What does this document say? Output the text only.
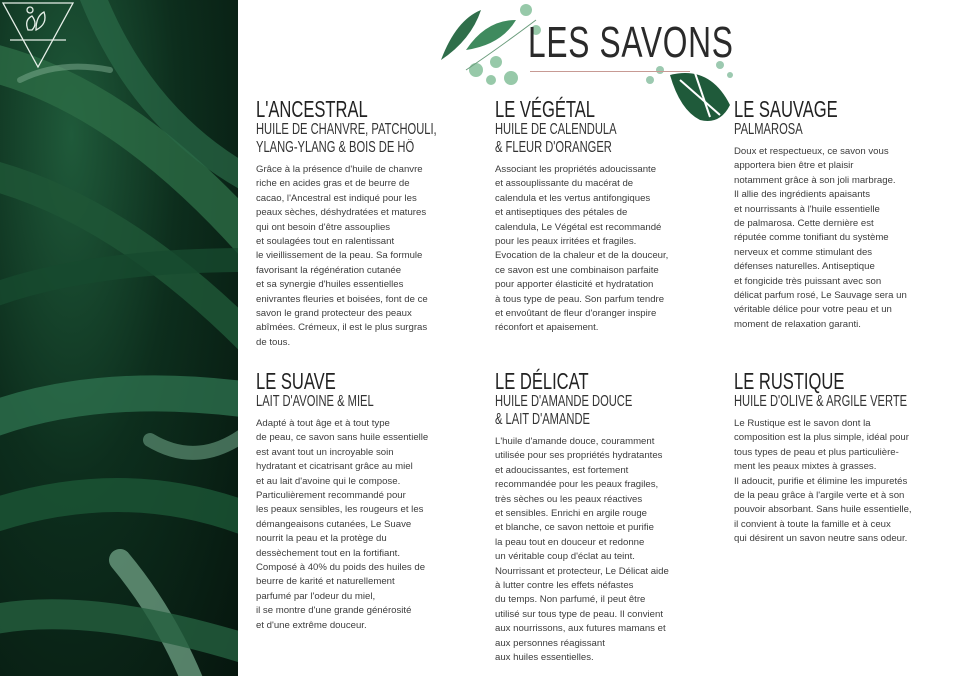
LES SAVONS
L'ANCESTRAL
HUILE DE CHANVRE, PATCHOULI,
YLANG-YLANG & BOIS DE HÔ
Grâce à la présence d'huile de chanvre
riche en acides gras et de beurre de
cacao, l'Ancestral est indiqué pour les
peaux sèches, déshydratées et matures
qui ont besoin d'être assouplies
et soulagées tout en ralentissant
le vieillissement de la peau. Sa formule
favorisant la régénération cutanée
et sa synergie d'huiles essentielles
enivrantes fleuries et boisées, font de ce
savon le grand protecteur des peaux
abîmées. Crémeux, il est le plus surgras
de tous.
LE VÉGÉTAL
HUILE DE CALENDULA
& FLEUR D'ORANGER
Associant les propriétés adoucissante
et assouplissante du macérat de
calendula et les vertus antifongiques
et antiseptiques des pétales de
calendula, Le Végétal est recommandé
pour les peaux irritées et fragiles.
Evocation de la chaleur et de la douceur,
ce savon est une combinaison parfaite
pour apporter élasticité et hydratation
à tous type de peau. Son parfum tendre
et envoûtant de fleur d'oranger inspire
réconfort et apaisement.
LE SAUVAGE
PALMAROSA
Doux et respectueux, ce savon vous
apportera bien être et plaisir
notamment grâce à son joli marbrage.
Il allie des ingrédients apaisants
et nourrissants à l'huile essentielle
de palmarosa. Cette dernière est
réputée comme tonifiant du système
nerveux et comme stimulant des
défenses naturelles. Antiseptique
et fongicide très puissant avec son
délicat parfum rosé, Le Sauvage sera un
véritable délice pour votre peau et un
moment de relaxation garanti.
LE SUAVE
LAIT D'AVOINE & MIEL
Adapté à tout âge et à tout type
de peau, ce savon sans huile essentielle
est avant tout un incroyable soin
hydratant et cicatrisant grâce au miel
et au lait d'avoine qui le compose.
Particulièrement recommandé pour
les peaux sensibles, les rougeurs et les
démangeaisons cutanées, Le Suave
nourrit la peau et la protège du
dessèchement tout en la fortifiant.
Composé à 40% du poids des huiles de
beurre de karité et naturellement
parfumé par l'odeur du miel,
il se montre d'une grande générosité
et d'une extrême douceur.
LE DÉLICAT
HUILE D'AMANDE DOUCE
& LAIT D'AMANDE
L'huile d'amande douce, couramment
utilisée pour ses propriétés hydratantes
et adoucissantes, est fortement
recommandée pour les peaux fragiles,
très sèches ou les peaux réactives
et sensibles. Enrichi en argile rouge
et blanche, ce savon nettoie et purifie
la peau tout en douceur et redonne
un véritable coup d'éclat au teint.
Nourrissant et protecteur, Le Délicat aide
à lutter contre les effets néfastes
du temps. Non parfumé, il peut être
utilisé sur tous type de peau. Il convient
aux nourrissons, aux futures mamans et
aux personnes réagissant
aux huiles essentielles.
LE RUSTIQUE
HUILE D'OLIVE & ARGILE VERTE
Le Rustique est le savon dont la
composition est la plus simple, idéal pour
tous types de peau et plus particulière-
ment les peaux mixtes à grasses.
Il adoucit, purifie et élimine les impuretés
de la peau grâce à l'argile verte et à son
pouvoir absorbant. Sans huile essentielle,
il convient à toute la famille et à ceux
qui désirent un savon neutre sans odeur.
